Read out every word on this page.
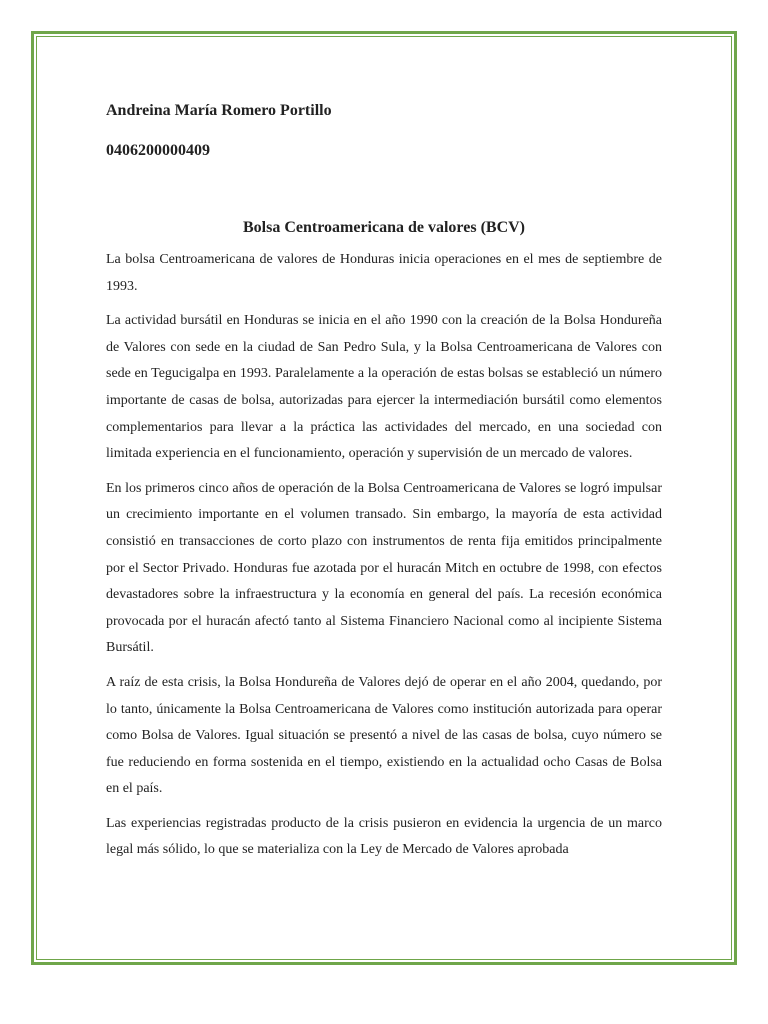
Andreina María Romero Portillo

0406200000409

Bolsa Centroamericana de valores (BCV)

La bolsa Centroamericana de valores de Honduras inicia operaciones en el mes de septiembre de 1993.

La actividad bursátil en Honduras se inicia en el año 1990 con la creación de la Bolsa Hondureña de Valores con sede en la ciudad de San Pedro Sula, y la Bolsa Centroamericana de Valores con sede en Tegucigalpa en 1993. Paralelamente a la operación de estas bolsas se estableció un número importante de casas de bolsa, autorizadas para ejercer la intermediación bursátil como elementos complementarios para llevar a la práctica las actividades del mercado, en una sociedad con limitada experiencia en el funcionamiento, operación y supervisión de un mercado de valores.

En los primeros cinco años de operación de la Bolsa Centroamericana de Valores se logró impulsar un crecimiento importante en el volumen transado. Sin embargo, la mayoría de esta actividad consistió en transacciones de corto plazo con instrumentos de renta fija emitidos principalmente por el Sector Privado. Honduras fue azotada por el huracán Mitch en octubre de 1998, con efectos devastadores sobre la infraestructura y la economía en general del país. La recesión económica provocada por el huracán afectó tanto al Sistema Financiero Nacional como al incipiente Sistema Bursátil.

A raíz de esta crisis, la Bolsa Hondureña de Valores dejó de operar en el año 2004, quedando, por lo tanto, únicamente la Bolsa Centroamericana de Valores como institución autorizada para operar como Bolsa de Valores. Igual situación se presentó a nivel de las casas de bolsa, cuyo número se fue reduciendo en forma sostenida en el tiempo, existiendo en la actualidad ocho Casas de Bolsa en el país.

Las experiencias registradas producto de la crisis pusieron en evidencia la urgencia de un marco legal más sólido, lo que se materializa con la Ley de Mercado de Valores aprobada
